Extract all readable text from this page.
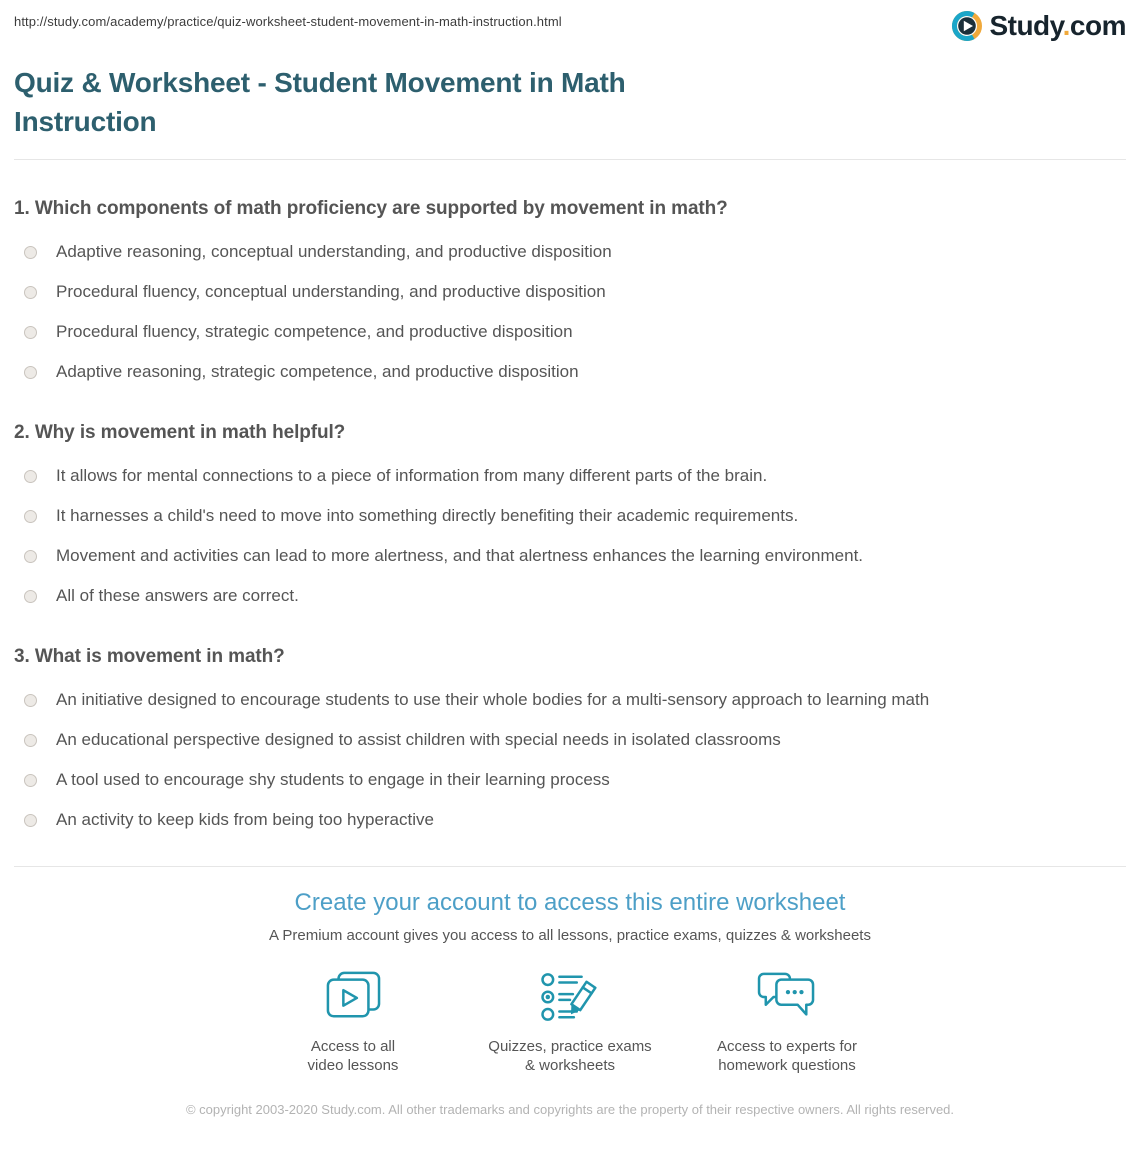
http://study.com/academy/practice/quiz-worksheet-student-movement-in-math-instruction.html	Study.com
Quiz & Worksheet - Student Movement in Math Instruction
1. Which components of math proficiency are supported by movement in math?
Adaptive reasoning, conceptual understanding, and productive disposition
Procedural fluency, conceptual understanding, and productive disposition
Procedural fluency, strategic competence, and productive disposition
Adaptive reasoning, strategic competence, and productive disposition
2. Why is movement in math helpful?
It allows for mental connections to a piece of information from many different parts of the brain.
It harnesses a child's need to move into something directly benefiting their academic requirements.
Movement and activities can lead to more alertness, and that alertness enhances the learning environment.
All of these answers are correct.
3. What is movement in math?
An initiative designed to encourage students to use their whole bodies for a multi-sensory approach to learning math
An educational perspective designed to assist children with special needs in isolated classrooms
A tool used to encourage shy students to engage in their learning process
An activity to keep kids from being too hyperactive
Create your account to access this entire worksheet
A Premium account gives you access to all lessons, practice exams, quizzes & worksheets
Access to all
video lessons
Quizzes, practice exams
& worksheets
Access to experts for
homework questions
© copyright 2003-2020 Study.com. All other trademarks and copyrights are the property of their respective owners. All rights reserved.
